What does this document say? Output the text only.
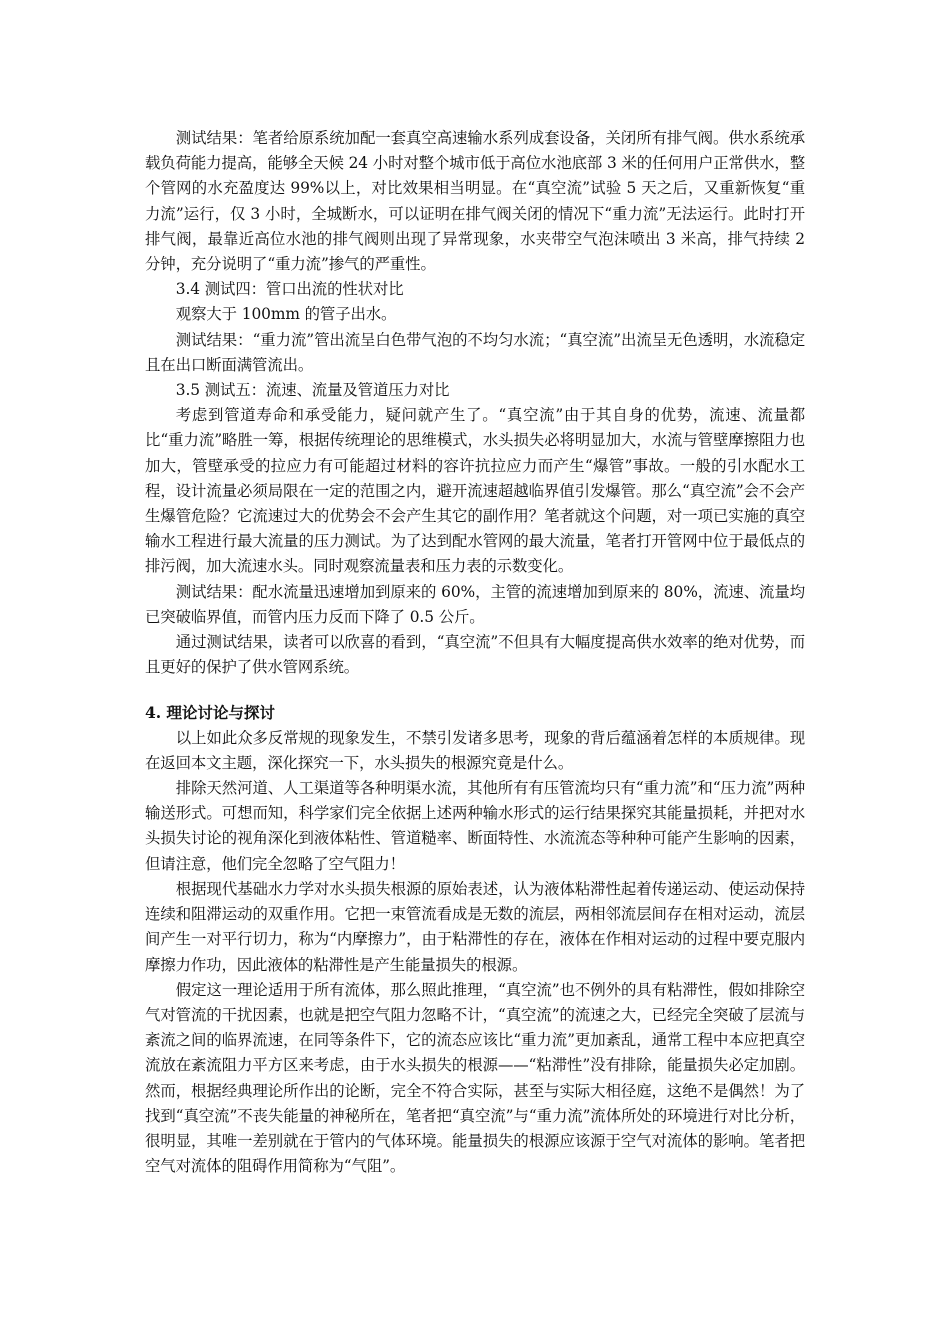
测试结果：笔者给原系统加配一套真空高速输水系列成套设备，关闭所有排气阀。供水系统承载负荷能力提高，能够全天候 24 小时对整个城市低于高位水池底部 3 米的任何用户正常供水，整个管网的水充盈度达 99%以上，对比效果相当明显。在“真空流”试验 5 天之后，又重新恢复“重力流”运行，仅 3 小时，全城断水，可以证明在排气阀关闭的情况下“重力流”无法运行。此时打开排气阀，最靠近高位水池的排气阀则出现了异常现象，水夹带空气泡沫喷出 3 米高，排气持续 2 分钟，充分说明了“重力流”掺气的严重性。

3.4 测试四：管口出流的性状对比

观察大于 100mm 的管子出水。

测试结果：“重力流”管出流呈白色带气泡的不均匀水流；“真空流”出流呈无色透明，水流稳定且在出口断面满管流出。

3.5 测试五：流速、流量及管道压力对比

考虑到管道寿命和承受能力，疑问就产生了。“真空流”由于其自身的优势，流速、流量都比“重力流”略胜一筹，根据传统理论的思维模式，水头损失必将明显加大，水流与管壁摩擦阻力也加大，管壁承受的拉应力有可能超过材料的容许抗拉应力而产生“爆管”事故。一般的引水配水工程，设计流量必须局限在一定的范围之内，避开流速超越临界值引发爆管。那么“真空流”会不会产生爆管危险？它流速过大的优势会不会产生其它的副作用？笔者就这个问题，对一项已实施的真空输水工程进行最大流量的压力测试。为了达到配水管网的最大流量，笔者打开管网中位于最低点的排污阀，加大流速水头。同时观察流量表和压力表的示数变化。

测试结果：配水流量迅速增加到原来的 60%，主管的流速增加到原来的 80%，流速、流量均已突破临界值，而管内压力反而下降了 0.5 公斤。

通过测试结果，读者可以欣喜的看到，“真空流”不但具有大幅度提高供水效率的绝对优势，而且更好的保护了供水管网系统。

4. 理论讨论与探讨

以上如此众多反常规的现象发生，不禁引发诸多思考，现象的背后蕴涵着怎样的本质规律。现在返回本文主题，深化探究一下，水头损失的根源究竟是什么。

排除天然河道、人工渠道等各种明渠水流，其他所有有压管流均只有“重力流”和“压力流”两种输送形式。可想而知，科学家们完全依据上述两种输水形式的运行结果探究其能量损耗，并把对水头损失讨论的视角深化到液体粘性、管道糙率、断面特性、水流流态等种种可能产生影响的因素，但请注意，他们完全忽略了空气阻力！

根据现代基础水力学对水头损失根源的原始表述，认为液体粘滞性起着传递运动、使运动保持连续和阻滞运动的双重作用。它把一束管流看成是无数的流层，两相邻流层间存在相对运动，流层间产生一对平行切力，称为“内摩擦力”，由于粘滞性的存在，液体在作相对运动的过程中要克服内摩擦力作功，因此液体的粘滞性是产生能量损失的根源。

假定这一理论适用于所有流体，那么照此推理，“真空流”也不例外的具有粘滞性，假如排除空气对管流的干扰因素，也就是把空气阻力忽略不计，“真空流”的流速之大，已经完全突破了层流与紊流之间的临界流速，在同等条件下，它的流态应该比“重力流”更加紊乱，通常工程中本应把真空流放在紊流阻力平方区来考虑，由于水头损失的根源——“粘滞性”没有排除，能量损失必定加剧。然而，根据经典理论所作出的论断，完全不符合实际，甚至与实际大相径庭，这绝不是偶然！为了找到“真空流”不丧失能量的神秘所在，笔者把“真空流”与“重力流”流体所处的环境进行对比分析，很明显，其唯一差别就在于管内的气体环境。能量损失的根源应该源于空气对流体的影响。笔者把空气对流体的阻碍作用简称为“气阻”。
